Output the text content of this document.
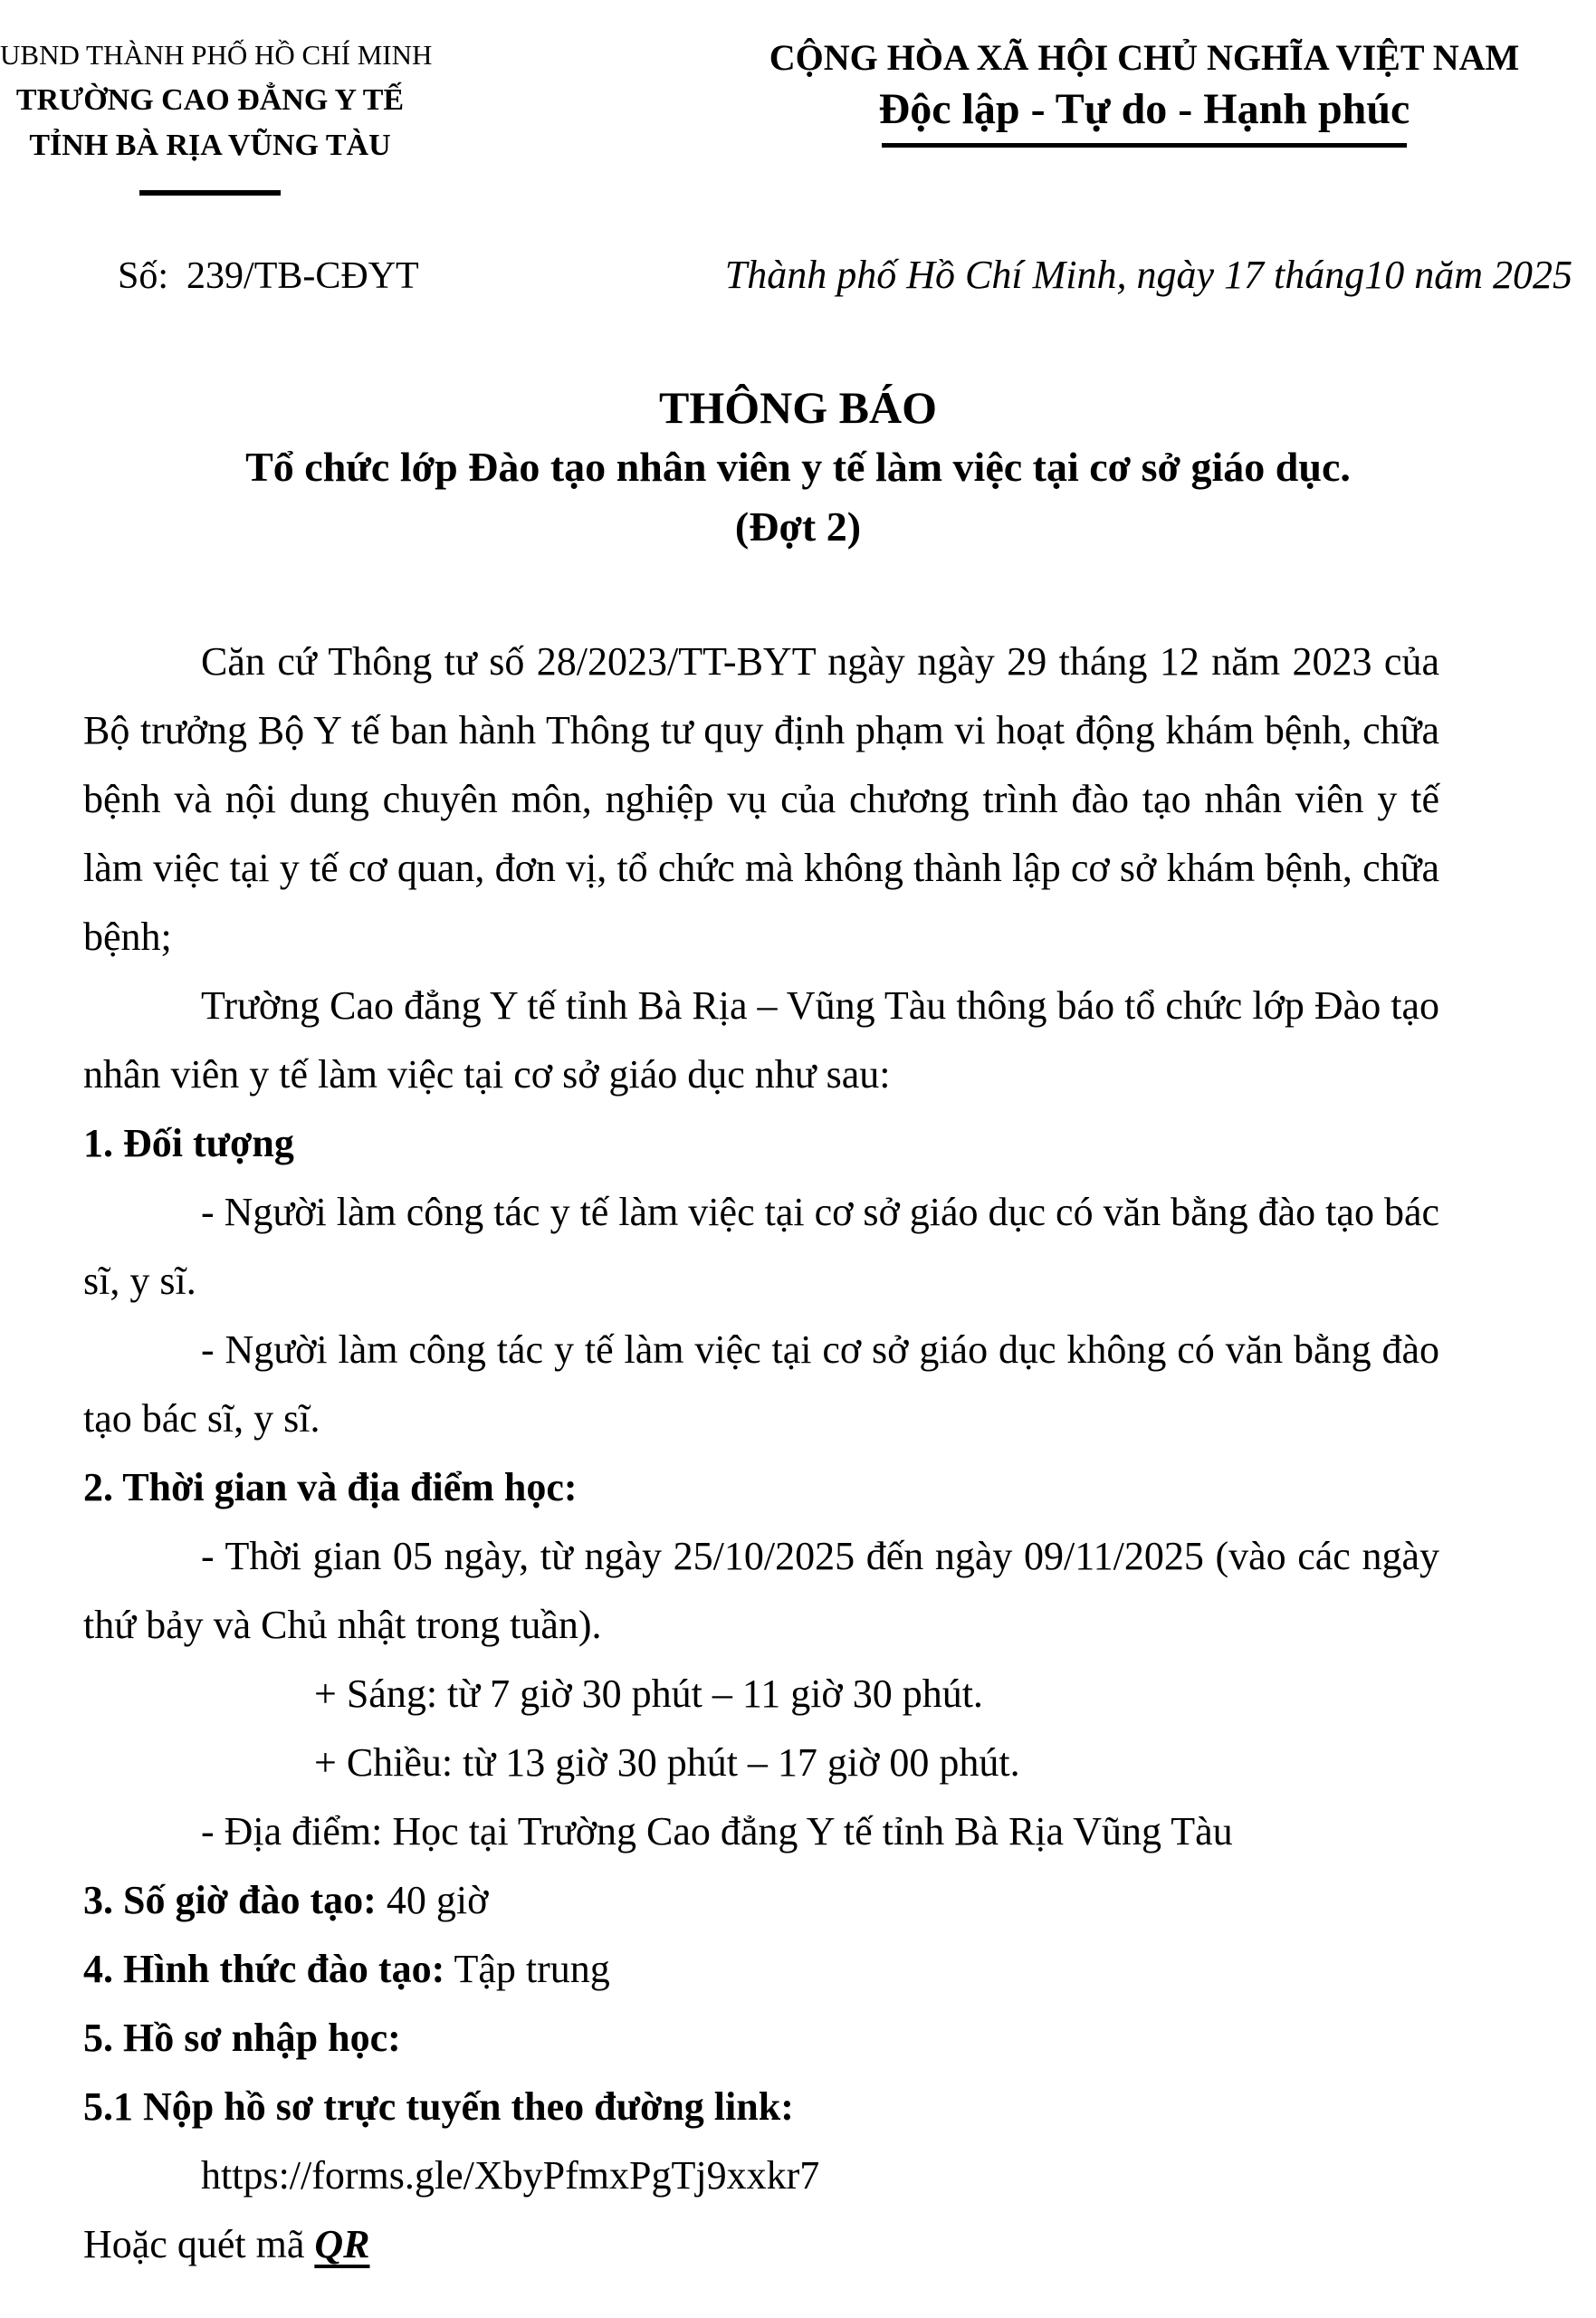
UBND THÀNH PHỐ HỒ CHÍ MINH
TRƯỜNG CAO ĐẲNG Y TẾ
TỈNH BÀ RỊA VŨNG TÀU
CỘNG HÒA XÃ HỘI CHỦ NGHĨA VIỆT NAM
Độc lập - Tự do - Hạnh phúc
Số: 239/TB-CĐYT	Thành phố Hồ Chí Minh, ngày 17 tháng10 năm 2025
THÔNG BÁO
Tổ chức lớp Đào tạo nhân viên y tế làm việc tại cơ sở giáo dục.
(Đợt 2)

Căn cứ Thông tư số 28/2023/TT-BYT ngày ngày 29 tháng 12 năm 2023 của Bộ trưởng Bộ Y tế ban hành Thông tư quy định phạm vi hoạt động khám bệnh, chữa bệnh và nội dung chuyên môn, nghiệp vụ của chương trình đào tạo nhân viên y tế làm việc tại y tế cơ quan, đơn vị, tổ chức mà không thành lập cơ sở khám bệnh, chữa bệnh;

Trường Cao đẳng Y tế tỉnh Bà Rịa – Vũng Tàu thông báo tổ chức lớp Đào tạo nhân viên y tế làm việc tại cơ sở giáo dục như sau:

1. Đối tượng

- Người làm công tác y tế làm việc tại cơ sở giáo dục có văn bằng đào tạo bác sĩ, y sĩ.

- Người làm công tác y tế làm việc tại cơ sở giáo dục không có văn bằng đào tạo bác sĩ, y sĩ.

2. Thời gian và địa điểm học:

- Thời gian 05 ngày, từ ngày 25/10/2025 đến ngày 09/11/2025 (vào các ngày thứ bảy và Chủ nhật trong tuần).

+ Sáng: từ 7 giờ 30 phút – 11 giờ 30 phút.

+ Chiều: từ 13 giờ 30 phút – 17 giờ 00 phút.

- Địa điểm: Học tại Trường Cao đẳng Y tế tỉnh Bà Rịa Vũng Tàu

3. Số giờ đào tạo: 40 giờ

4. Hình thức đào tạo: Tập trung

5. Hồ sơ nhập học:

5.1 Nộp hồ sơ trực tuyến theo đường link:

https://forms.gle/XbyPfmxPgTj9xxkr7

Hoặc quét mã QR
